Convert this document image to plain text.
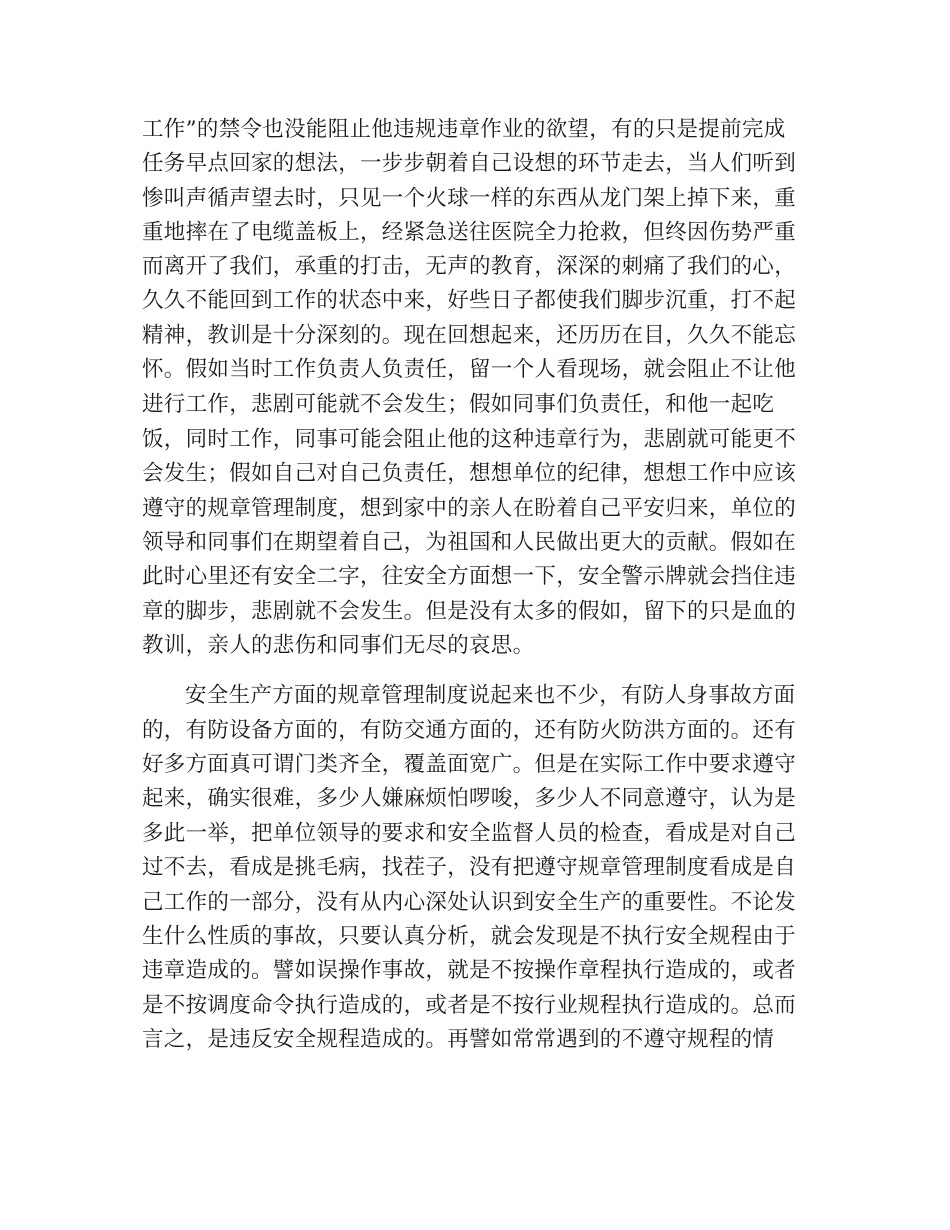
工作”的禁令也没能阻止他违规违章作业的欲望，有的只是提前完成
任务早点回家的想法，一步步朝着自己设想的环节走去，当人们听到
惨叫声循声望去时，只见一个火球一样的东西从龙门架上掉下来，重
重地摔在了电缆盖板上，经紧急送往医院全力抢救，但终因伤势严重
而离开了我们，承重的打击，无声的教育，深深的刺痛了我们的心，
久久不能回到工作的状态中来，好些日子都使我们脚步沉重，打不起
精神，教训是十分深刻的。现在回想起来，还历历在目，久久不能忘
怀。假如当时工作负责人负责任，留一个人看现场，就会阻止不让他
进行工作，悲剧可能就不会发生；假如同事们负责任，和他一起吃
饭，同时工作，同事可能会阻止他的这种违章行为，悲剧就可能更不
会发生；假如自己对自己负责任，想想单位的纪律，想想工作中应该
遵守的规章管理制度，想到家中的亲人在盼着自己平安归来，单位的
领导和同事们在期望着自己，为祖国和人民做出更大的贡献。假如在
此时心里还有安全二字，往安全方面想一下，安全警示牌就会挡住违
章的脚步，悲剧就不会发生。但是没有太多的假如，留下的只是血的
教训，亲人的悲伤和同事们无尽的哀思。
安全生产方面的规章管理制度说起来也不少，有防人身事故方面
的，有防设备方面的，有防交通方面的，还有防火防洪方面的。还有
好多方面真可谓门类齐全，覆盖面宽广。但是在实际工作中要求遵守
起来，确实很难，多少人嫌麻烦怕啰唆，多少人不同意遵守，认为是
多此一举，把单位领导的要求和安全监督人员的检查，看成是对自己
过不去，看成是挑毛病，找茬子，没有把遵守规章管理制度看成是自
己工作的一部分，没有从内心深处认识到安全生产的重要性。不论发
生什么性质的事故，只要认真分析，就会发现是不执行安全规程由于
违章造成的。譬如误操作事故，就是不按操作章程执行造成的，或者
是不按调度命令执行造成的，或者是不按行业规程执行造成的。总而
言之，是违反安全规程造成的。再譬如常常遇到的不遵守规程的情
